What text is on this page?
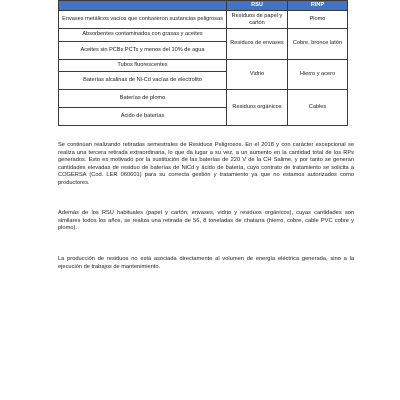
	RSU	RINP
Envases metálicos vacíos que contuvieron sustancias peligrosas	Residuos de papel y cartón	Plomo
Absorbentes contaminados con grasas y aceites	Residuos de envases	Cobre, bronce latón
Aceites sin PCBs PCTs y menos del 10% de agua		
Tubos fluorescentes	Vidrio	Hierro y acero
Baterías alcalinas de Ni-Cd vacías de electrolito		
Baterías de plomo	Residuos orgánicos	Cables
Ácido de baterías		

Se continúan realizando retiradas semestrales de Residuos Peligrosos. En el 2018 y con carácter excepcional se realiza una tercera retirada extraordinaria, lo que da lugar a su vez, a un aumento en la cantidad total de los RPs generados. Esto es motivado por la sustitución de las baterías de 220 V de la CH Salime, y por tanto se generan cantidades elevadas de residuo de baterías de NiCd y ácido de batería, cuyo contrato de tratamiento se solicita a COGERSA (Cod. LER 060601) para su correcta gestión y tratamiento ya que no estamos autorizados como productores.

Además de los RSU habituales (papel y cartón, envases, vidrio y residuos orgánicos), cuyas cantidades son similares todos los años, se realiza una retirada de 56, 8 toneladas de chatarra (hierro, cobre, cable PVC cobre y plomo).

La producción de residuos no está asociada directamente al volumen de energía eléctrica generada, sino a la ejecución de trabajos de mantenimiento.
